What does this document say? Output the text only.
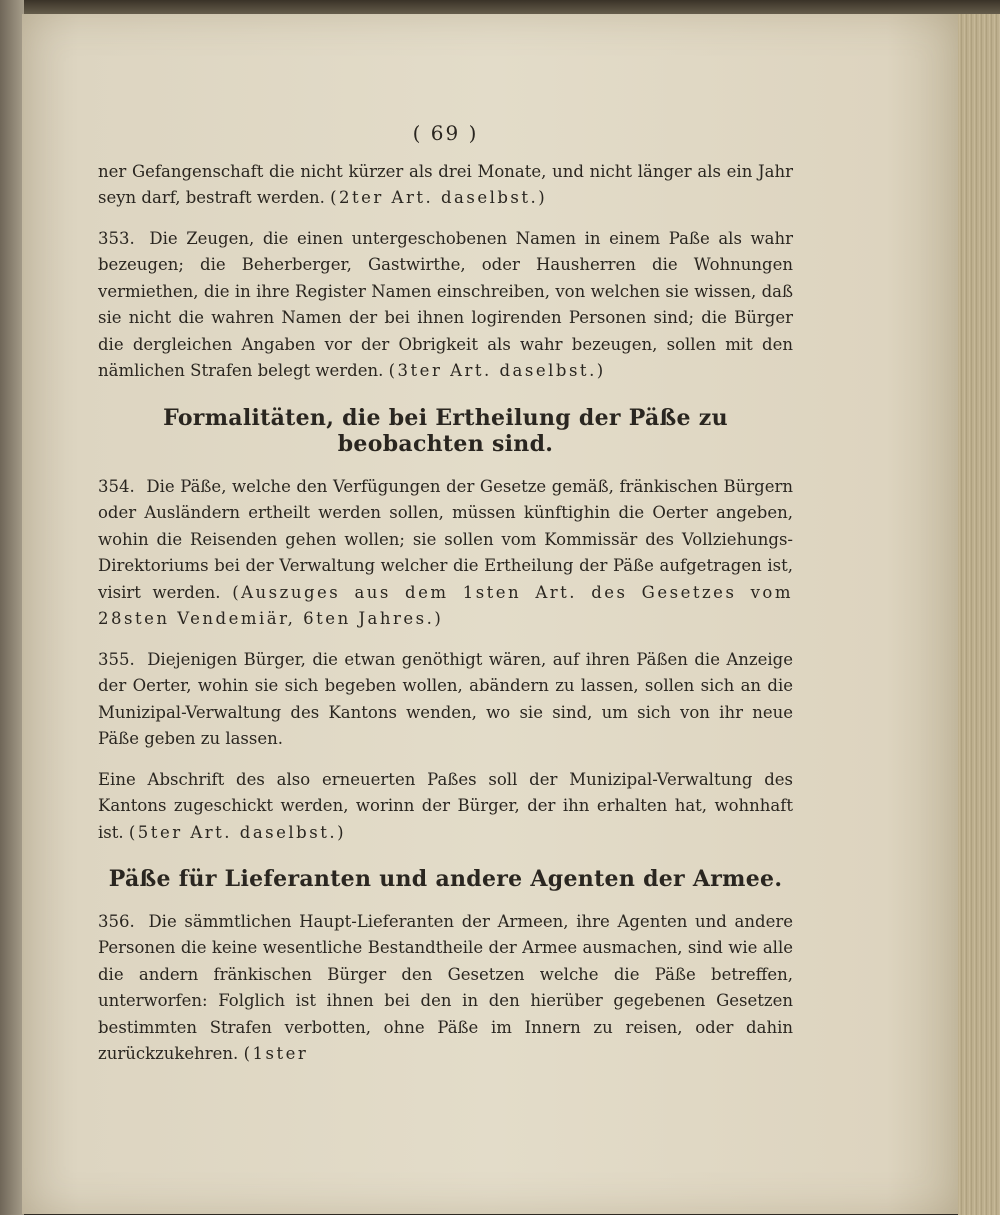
( 69 )

ner Gefangenschaft die nicht kürzer als drei Monate, und nicht länger als ein Jahr seyn darf, bestraft werden. (2ter Art. daselbst.)

353. Die Zeugen, die einen untergeschobenen Namen in einem Paße als wahr bezeugen; die Beherberger, Gastwirthe, oder Hausherren die Wohnungen vermiethen, die in ihre Register Namen einschreiben, von welchen sie wissen, daß sie nicht die wahren Namen der bei ihnen logirenden Personen sind; die Bürger die dergleichen Angaben vor der Obrigkeit als wahr bezeugen, sollen mit den nämlichen Strafen belegt werden. (3ter Art. daselbst.)

Formalitäten, die bei Ertheilung der Päße zu beobachten sind.

354. Die Päße, welche den Verfügungen der Gesetze gemäß, fränkischen Bürgern oder Ausländern ertheilt werden sollen, müssen künftighin die Oerter angeben, wohin die Reisenden gehen wollen; sie sollen vom Kommissär des Vollziehungs-Direktoriums bei der Verwaltung welcher die Ertheilung der Päße aufgetragen ist, visirt werden. (Auszuges aus dem 1sten Art. des Gesetzes vom 28sten Vendemiär, 6ten Jahres.)

355. Diejenigen Bürger, die etwan genöthigt wären, auf ihren Päßen die Anzeige der Oerter, wohin sie sich begeben wollen, abändern zu lassen, sollen sich an die Munizipal-Verwaltung des Kantons wenden, wo sie sind, um sich von ihr neue Päße geben zu lassen.

Eine Abschrift des also erneuerten Paßes soll der Munizipal-Verwaltung des Kantons zugeschickt werden, worinn der Bürger, der ihn erhalten hat, wohnhaft ist. (5ter Art. daselbst.)

Päße für Lieferanten und andere Agenten der Armee.

356. Die sämmtlichen Haupt-Lieferanten der Armeen, ihre Agenten und andere Personen die keine wesentliche Bestandtheile der Armee ausmachen, sind wie alle die andern fränkischen Bürger den Gesetzen welche die Päße betreffen, unterworfen: Folglich ist ihnen bei den in den hierüber gegebenen Gesetzen bestimmten Strafen verbotten, ohne Päße im Innern zu reisen, oder dahin zurückzukehren. (1ster
